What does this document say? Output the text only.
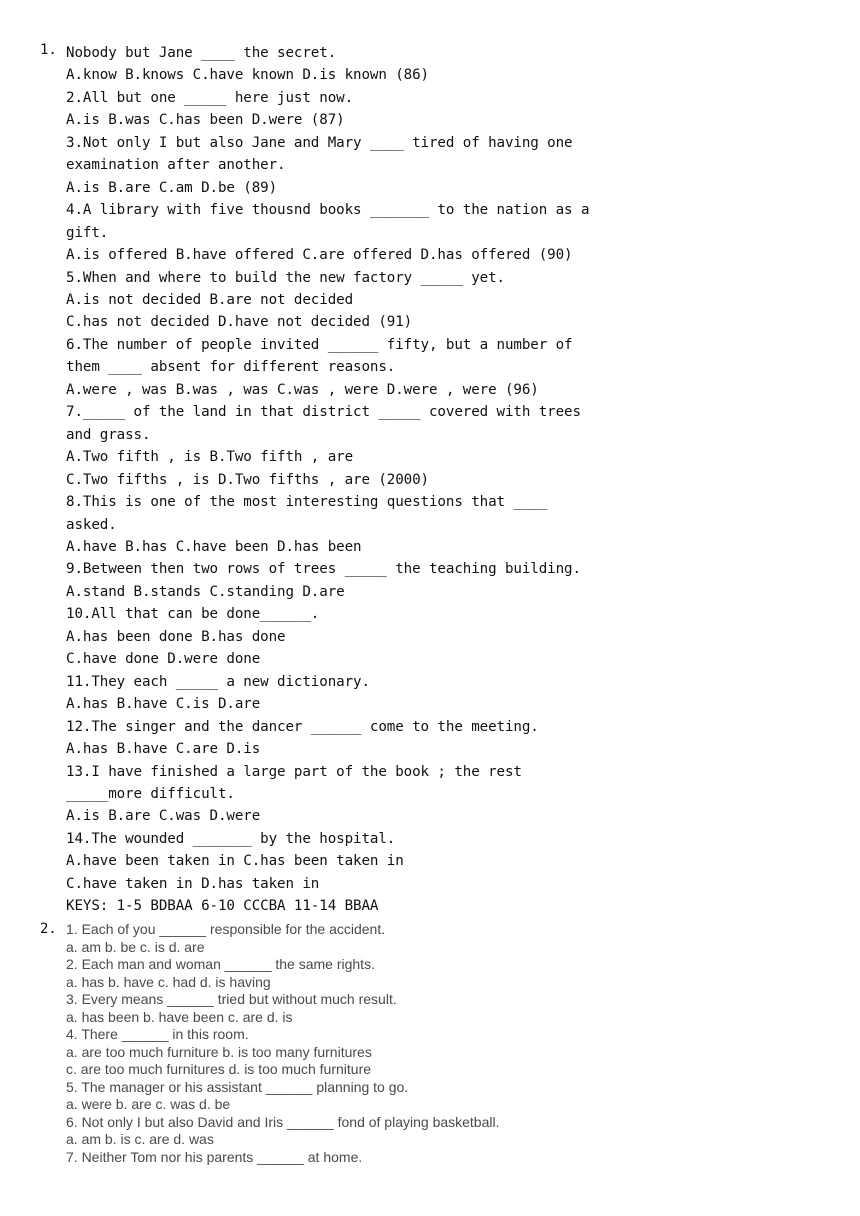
1. Nobody but Jane ____ the secret.
A.know B.knows C.have known D.is known (86)
2.All but one _____ here just now.
A.is B.was C.has been D.were (87)
3.Not only I but also Jane and Mary ____ tired of having one
examination after another.
A.is B.are C.am D.be (89)
4.A library with five thousnd books _______ to the nation as a
gift.
A.is offered B.have offered C.are offered D.has offered (90)
5.When and where to build the new factory _____ yet.
A.is not decided B.are not decided
C.has not decided D.have not decided (91)
6.The number of people invited ______ fifty, but a number of
them ____ absent for different reasons.
A.were , was B.was , was C.was , were D.were , were (96)
7._____ of the land in that district _____ covered with trees
and grass.
A.Two fifth , is B.Two fifth , are
C.Two fifths , is D.Two fifths , are (2000)
8.This is one of the most interesting questions that ____
asked.
A.have B.has C.have been D.has been
9.Between then two rows of trees _____ the teaching building.
A.stand B.stands C.standing D.are
10.All that can be done______.
A.has been done B.has done
C.have done D.were done
11.They each _____ a new dictionary.
A.has B.have C.is D.are
12.The singer and the dancer ______ come to the meeting.
A.has B.have C.are D.is
13.I have finished a large part of the book ; the rest
_____more difficult.
A.is B.are C.was D.were
14.The wounded _______ by the hospital.
A.have been taken in C.has been taken in
C.have taken in D.has taken in
KEYS: 1-5 BDBAA 6-10 CCCBA 11-14 BBAA
2. 1. Each of you ______ responsible for the accident.
a. am b. be c. is d. are
2. Each man and woman ______ the same rights.
a. has b. have c. had d. is having
3. Every means ______ tried but without much result.
a. has been b. have been c. are d. is
4. There ______ in this room.
a. are too much furniture b. is too many furnitures
c. are too much furnitures d. is too much furniture
5. The manager or his assistant ______ planning to go.
a. were b. are c. was d. be
6. Not only I but also David and Iris ______ fond of playing basketball.
a. am b. is c. are d. was
7. Neither Tom nor his parents ______ at home.
